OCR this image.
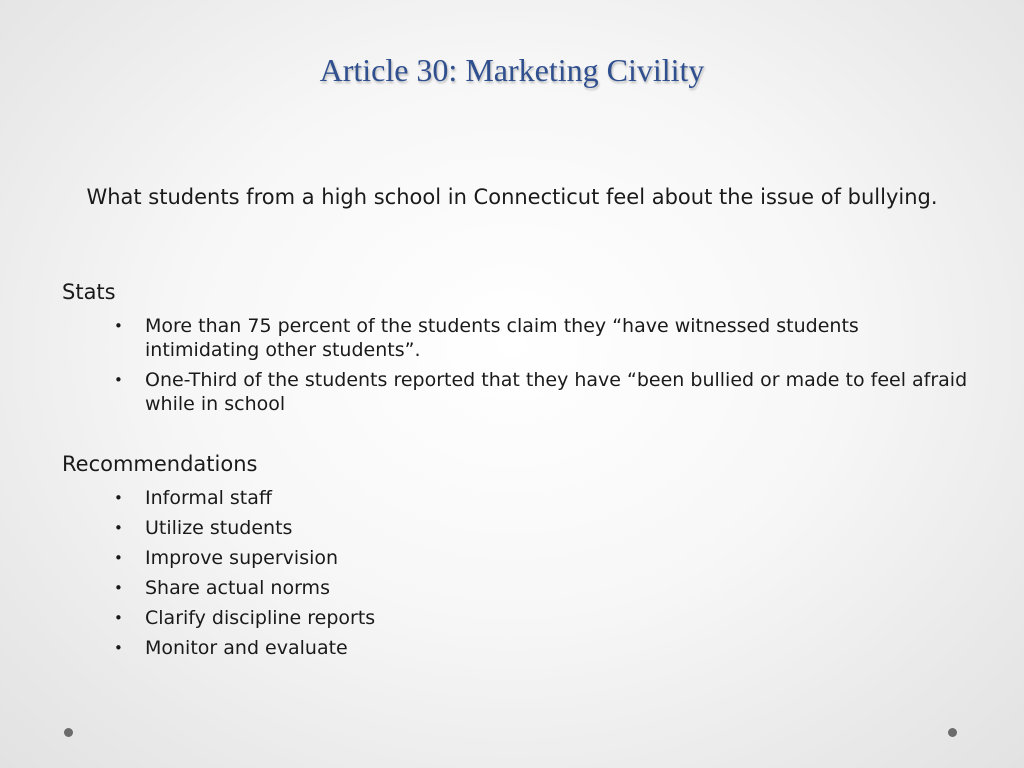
Article 30: Marketing Civility

What students from a high school in Connecticut feel about the issue of bullying.

Stats
• More than 75 percent of the students claim they “have witnessed students intimidating other students”.
• One-Third of the students reported that they have “been bullied or made to feel afraid while in school
Recommendations
• Informal staff
• Utilize students
• Improve supervision
• Share actual norms
• Clarify discipline reports
• Monitor and evaluate
